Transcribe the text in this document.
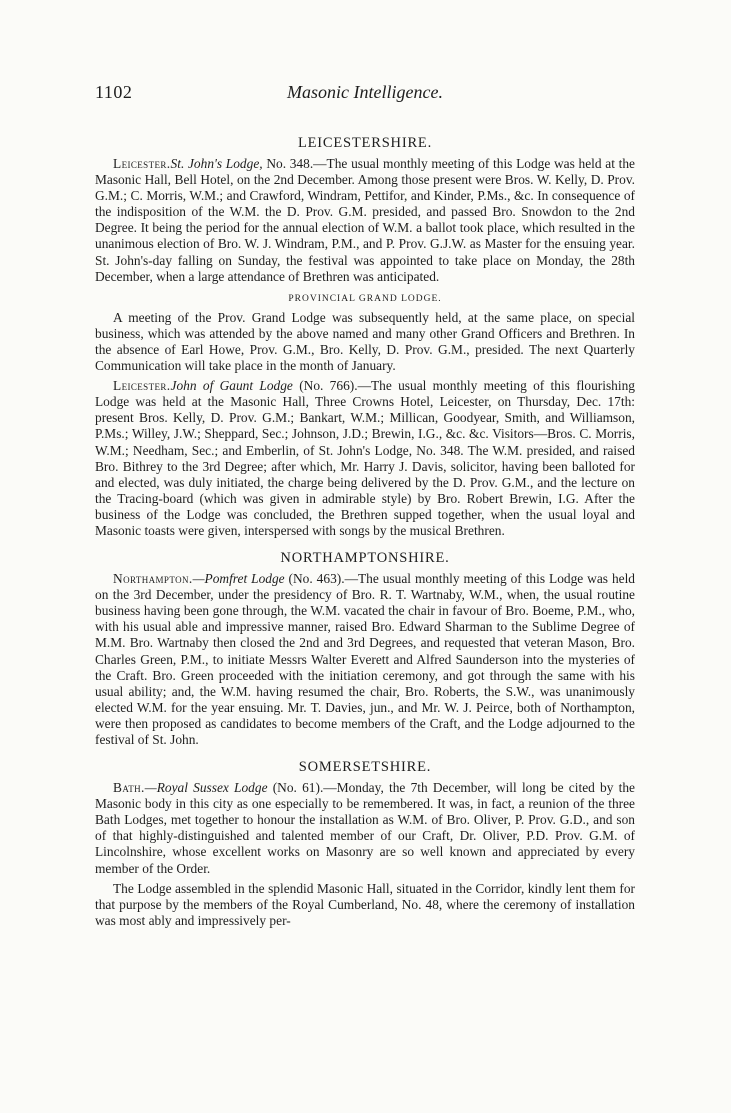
1102	Masonic Intelligence.
LEICESTERSHIRE.

Leicester.St. John's Lodge, No. 348.—The usual monthly meeting of this Lodge was held at the Masonic Hall, Bell Hotel, on the 2nd December. Among those present were Bros. W. Kelly, D. Prov. G.M.; C. Morris, W.M.; and Crawford, Windram, Pettifor, and Kinder, P.Ms., &c. In consequence of the indisposition of the W.M. the D. Prov. G.M. presided, and passed Bro. Snowdon to the 2nd Degree. It being the period for the annual election of W.M. a ballot took place, which resulted in the unanimous election of Bro. W. J. Windram, P.M., and P. Prov. G.J.W. as Master for the ensuing year. St. John's-day falling on Sunday, the festival was appointed to take place on Monday, the 28th December, when a large attendance of Brethren was anticipated.

PROVINCIAL GRAND LODGE.

A meeting of the Prov. Grand Lodge was subsequently held, at the same place, on special business, which was attended by the above named and many other Grand Officers and Brethren. In the absence of Earl Howe, Prov. G.M., Bro. Kelly, D. Prov. G.M., presided. The next Quarterly Communication will take place in the month of January.

Leicester.John of Gaunt Lodge (No. 766).—The usual monthly meeting of this flourishing Lodge was held at the Masonic Hall, Three Crowns Hotel, Leicester, on Thursday, Dec. 17th: present Bros. Kelly, D. Prov. G.M.; Bankart, W.M.; Millican, Goodyear, Smith, and Williamson, P.Ms.; Willey, J.W.; Sheppard, Sec.; Johnson, J.D.; Brewin, I.G., &c. &c. Visitors—Bros. C. Morris, W.M.; Needham, Sec.; and Emberlin, of St. John's Lodge, No. 348. The W.M. presided, and raised Bro. Bithrey to the 3rd Degree; after which, Mr. Harry J. Davis, solicitor, having been balloted for and elected, was duly initiated, the charge being delivered by the D. Prov. G.M., and the lecture on the Tracing-board (which was given in admirable style) by Bro. Robert Brewin, I.G. After the business of the Lodge was concluded, the Brethren supped together, when the usual loyal and Masonic toasts were given, interspersed with songs by the musical Brethren.

NORTHAMPTONSHIRE.

Northampton.—Pomfret Lodge (No. 463).—The usual monthly meeting of this Lodge was held on the 3rd December, under the presidency of Bro. R. T. Wartnaby, W.M., when, the usual routine business having been gone through, the W.M. vacated the chair in favour of Bro. Boeme, P.M., who, with his usual able and impressive manner, raised Bro. Edward Sharman to the Sublime Degree of M.M. Bro. Wartnaby then closed the 2nd and 3rd Degrees, and requested that veteran Mason, Bro. Charles Green, P.M., to initiate Messrs Walter Everett and Alfred Saunderson into the mysteries of the Craft. Bro. Green proceeded with the initiation ceremony, and got through the same with his usual ability; and, the W.M. having resumed the chair, Bro. Roberts, the S.W., was unanimously elected W.M. for the year ensuing. Mr. T. Davies, jun., and Mr. W. J. Peirce, both of Northampton, were then proposed as candidates to become members of the Craft, and the Lodge adjourned to the festival of St. John.

SOMERSETSHIRE.

Bath.—Royal Sussex Lodge (No. 61).—Monday, the 7th December, will long be cited by the Masonic body in this city as one especially to be remembered. It was, in fact, a reunion of the three Bath Lodges, met together to honour the installation as W.M. of Bro. Oliver, P. Prov. G.D., and son of that highly-distinguished and talented member of our Craft, Dr. Oliver, P.D. Prov. G.M. of Lincolnshire, whose excellent works on Masonry are so well known and appreciated by every member of the Order.

The Lodge assembled in the splendid Masonic Hall, situated in the Corridor, kindly lent them for that purpose by the members of the Royal Cumberland, No. 48, where the ceremony of installation was most ably and impressively per-
